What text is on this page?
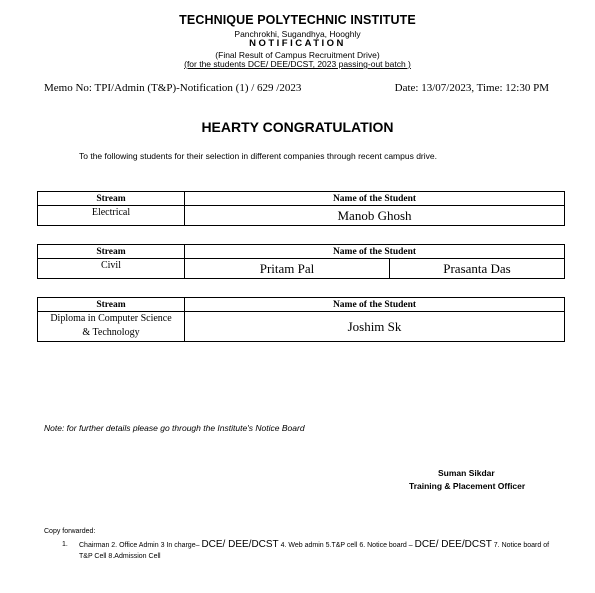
TECHNIQUE POLYTECHNIC INSTITUTE
Panchrokhi, Sugandhya, Hooghly
NOTIFICATION
(Final Result of Campus Recruitment Drive)
(for the students DCE/ DEE/DCST, 2023 passing-out batch )
Memo No: TPI/Admin (T&P)-Notification (1) / 629 /2023	Date: 13/07/2023, Time: 12:30 PM
HEARTY CONGRATULATION
To the following students for their selection in different companies through recent campus drive.
Stream	Name of the Student
Electrical	Manob Ghosh
Stream	Name of the Student	
Civil	Pritam Pal	Prasanta Das
Stream	Name of the Student

Diploma in Computer Science
& Technology	Joshim Sk
Note: for further details please go through the Institute's Notice Board
Suman Sikdar
Training & Placement Officer
Copy forwarded:
1. Chairman 2. Office Admin 3 In charge– DCE/ DEE/DCST 4. Web admin 5.T&P cell 6. Notice board – DCE/ DEE/DCST 7. Notice board of T&P Cell 8.Admission Cell
